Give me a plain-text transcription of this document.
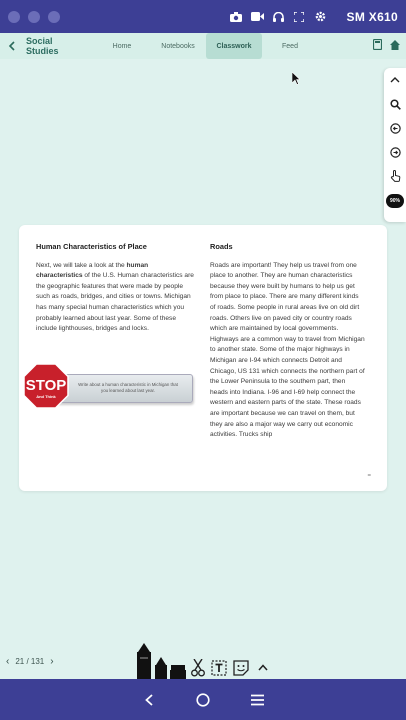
SM X610
Social
Studies	Home	Notebooks	Classwork	Feed
90%
Human Characteristics of Place

Next, we will take a look at the human characteristics of the U.S. Human characteristics are the geographic features that were made by people such as roads, bridges, and cities or towns. Michigan has many special human characteristics which you probably learned about last year. Some of these include lighthouses, bridges and locks.

Write about a human characteristic in Michigan that you learned about last year.
STOP
And Think
Roads

Roads are important! They help us travel from one place to another. They are human characteristics because they were built by humans to help us get from place to place. There are many different kinds of roads. Some people in rural areas live on old dirt roads. Others live on paved city or country roads which are maintained by local governments. Highways are a common way to travel from Michigan to another state. Some of the major highways in Michigan are I-94 which connects Detroit and Chicago, US 131 which connects the northern part of the Lower Peninsula to the southern part, then heads into Indiana. I-96 and I-69 help connect the western and eastern parts of the state. These roads are important because we can travel on them, but they are also a major way we carry out economic activities. Trucks ship

=
‹ 21 / 131 ›
